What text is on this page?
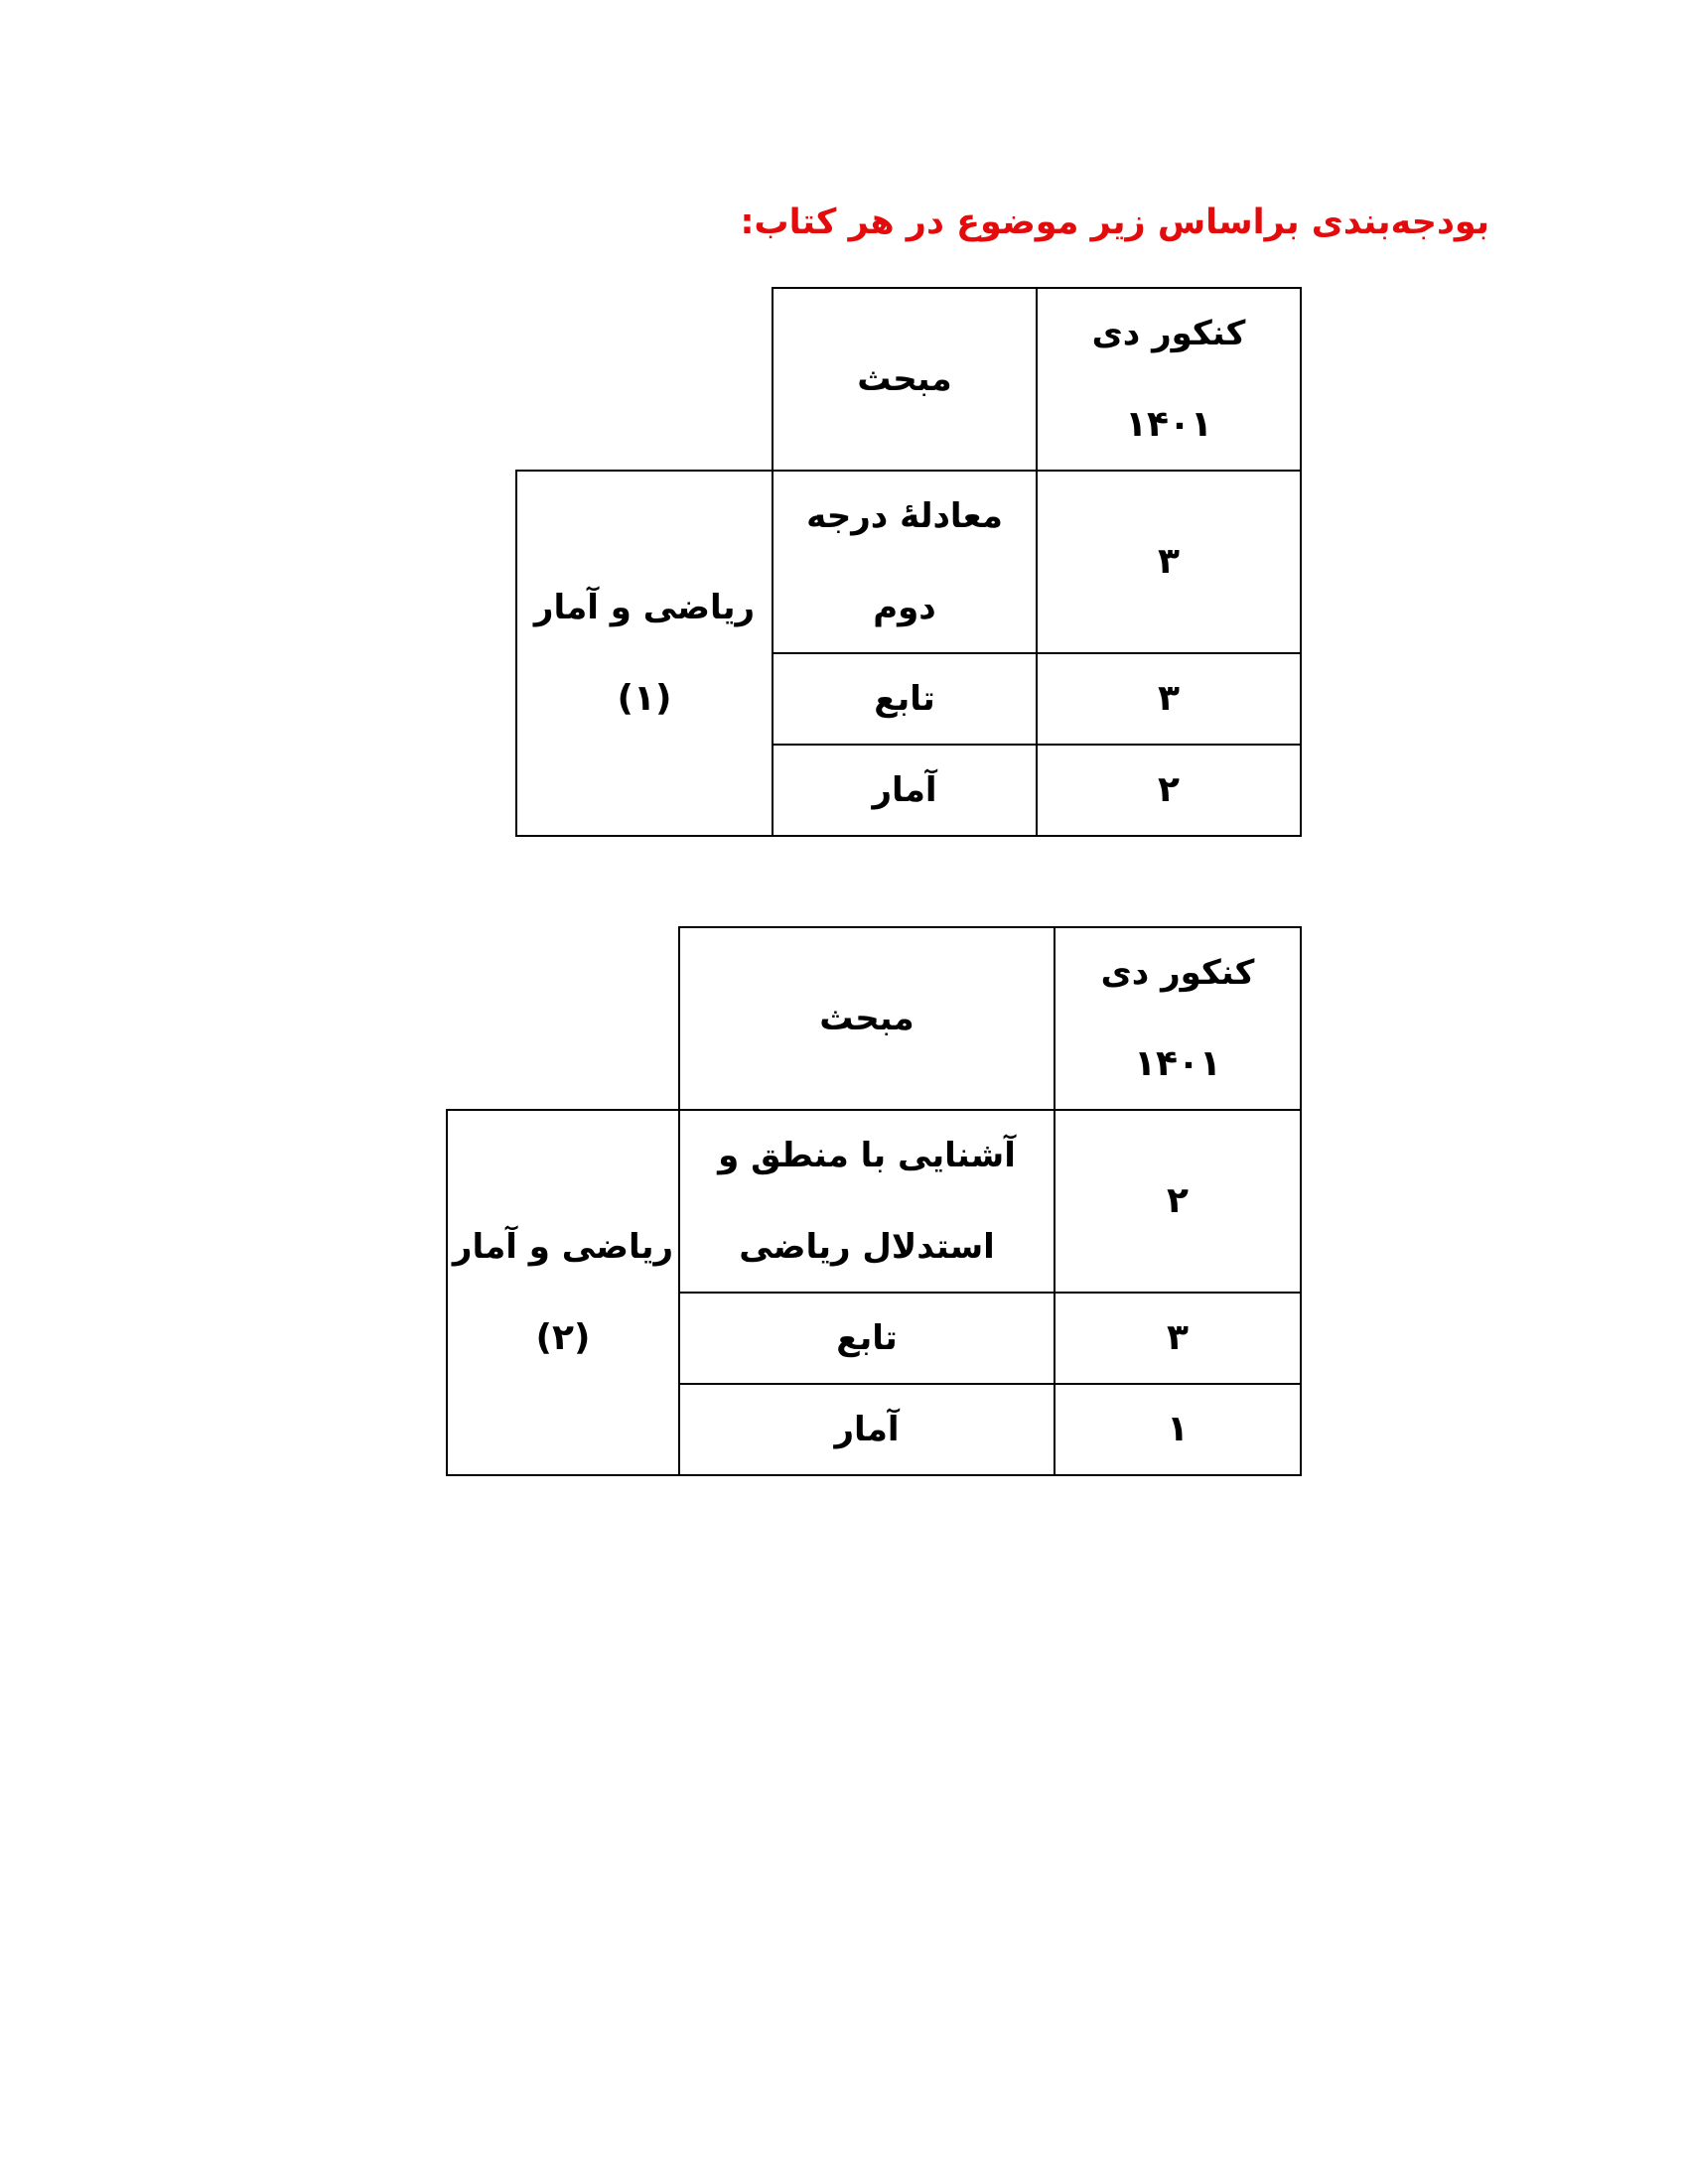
بودجه‌بندی براساس زیر موضوع در هر کتاب:
کنکور دی
۱۴۰۱
مبحث
۳
معادلهٔ درجه
دوم
۳
تابع
۲
آمار
ریاضی و آمار
(۱)
کنکور دی
۱۴۰۱
مبحث
۲
آشنایی با منطق و
استدلال ریاضی
۳
تابع
۱
آمار
ریاضی و آمار
(۲)
